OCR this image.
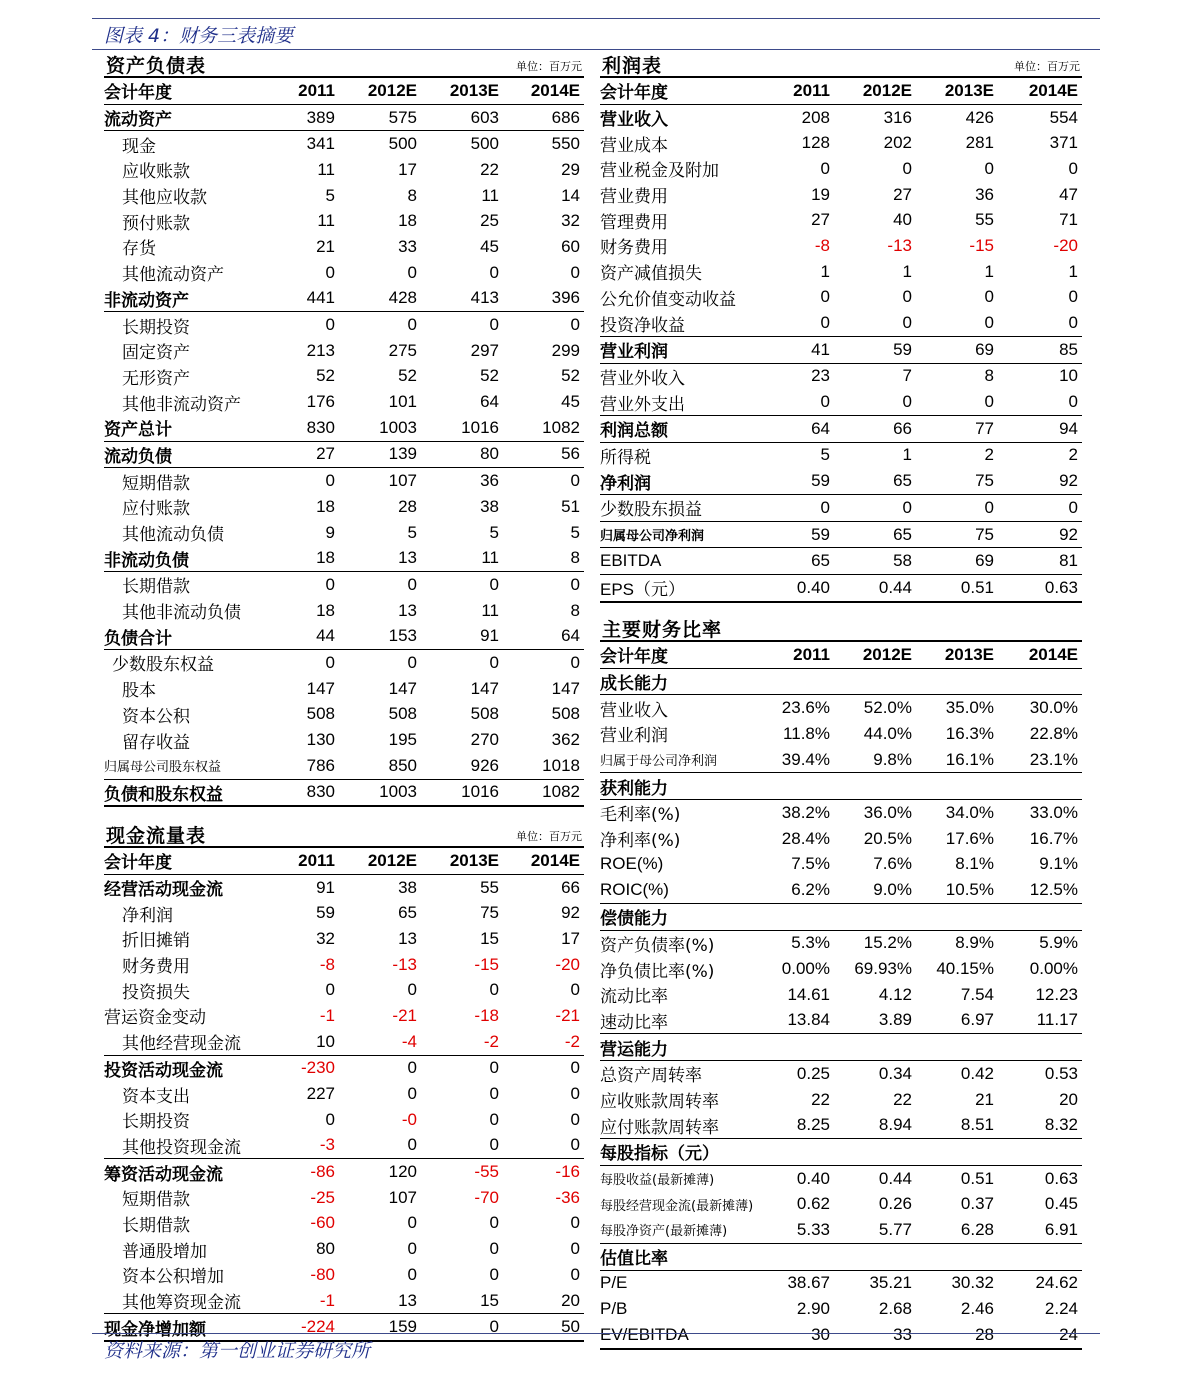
图表 4：财务三表摘要
资产负债表	单位：百万元
会计年度	2011	2012E	2013E	2014E
流动资产	389	575	603	686
现金	341	500	500	550
应收账款	11	17	22	29
其他应收款	5	8	11	14
预付账款	11	18	25	32
存货	21	33	45	60
其他流动资产	0	0	0	0
非流动资产	441	428	413	396
长期投资	0	0	0	0
固定资产	213	275	297	299
无形资产	52	52	52	52
其他非流动资产	176	101	64	45
资产总计	830	1003	1016	1082
流动负债	27	139	80	56
短期借款	0	107	36	0
应付账款	18	28	38	51
其他流动负债	9	5	5	5
非流动负债	18	13	11	8
长期借款	0	0	0	0
其他非流动负债	18	13	11	8
负债合计	44	153	91	64
少数股东权益	0	0	0	0
股本	147	147	147	147
资本公积	508	508	508	508
留存收益	130	195	270	362
归属母公司股东权益	786	850	926	1018
负债和股东权益	830	1003	1016	1082
现金流量表	单位：百万元
会计年度	2011	2012E	2013E	2014E
经营活动现金流	91	38	55	66
净利润	59	65	75	92
折旧摊销	32	13	15	17
财务费用	-8	-13	-15	-20
投资损失	0	0	0	0
营运资金变动	-1	-21	-18	-21
其他经营现金流	10	-4	-2	-2
投资活动现金流	-230	0	0	0
资本支出	227	0	0	0
长期投资	0	-0	0	0
其他投资现金流	-3	0	0	0
筹资活动现金流	-86	120	-55	-16
短期借款	-25	107	-70	-36
长期借款	-60	0	0	0
普通股增加	80	0	0	0
资本公积增加	-80	0	0	0
其他筹资现金流	-1	13	15	20
现金净增加额	-224	159	0	50
利润表	单位：百万元
会计年度	2011	2012E	2013E	2014E
营业收入	208	316	426	554
营业成本	128	202	281	371
营业税金及附加	0	0	0	0
营业费用	19	27	36	47
管理费用	27	40	55	71
财务费用	-8	-13	-15	-20
资产减值损失	1	1	1	1
公允价值变动收益	0	0	0	0
投资净收益	0	0	0	0
营业利润	41	59	69	85
营业外收入	23	7	8	10
营业外支出	0	0	0	0
利润总额	64	66	77	94
所得税	5	1	2	2
净利润	59	65	75	92
少数股东损益	0	0	0	0
归属母公司净利润	59	65	75	92
EBITDA	65	58	69	81
EPS（元）	0.40	0.44	0.51	0.63
主要财务比率
会计年度	2011	2012E	2013E	2014E
成长能力				
营业收入	23.6%	52.0%	35.0%	30.0%
营业利润	11.8%	44.0%	16.3%	22.8%
归属于母公司净利润	39.4%	9.8%	16.1%	23.1%
获利能力				
毛利率(%)	38.2%	36.0%	34.0%	33.0%
净利率(%)	28.4%	20.5%	17.6%	16.7%
ROE(%)	7.5%	7.6%	8.1%	9.1%
ROIC(%)	6.2%	9.0%	10.5%	12.5%
偿债能力				
资产负债率(%)	5.3%	15.2%	8.9%	5.9%
净负债比率(%)	0.00%	69.93%	40.15%	0.00%
流动比率	14.61	4.12	7.54	12.23
速动比率	13.84	3.89	6.97	11.17
营运能力				
总资产周转率	0.25	0.34	0.42	0.53
应收账款周转率	22	22	21	20
应付账款周转率	8.25	8.94	8.51	8.32
每股指标（元）				
每股收益(最新摊薄)	0.40	0.44	0.51	0.63
每股经营现金流(最新摊薄)	0.62	0.26	0.37	0.45
每股净资产(最新摊薄)	5.33	5.77	6.28	6.91
估值比率				
P/E	38.67	35.21	30.32	24.62
P/B	2.90	2.68	2.46	2.24
EV/EBITDA	30	33	28	24
资料来源：第一创业证券研究所
